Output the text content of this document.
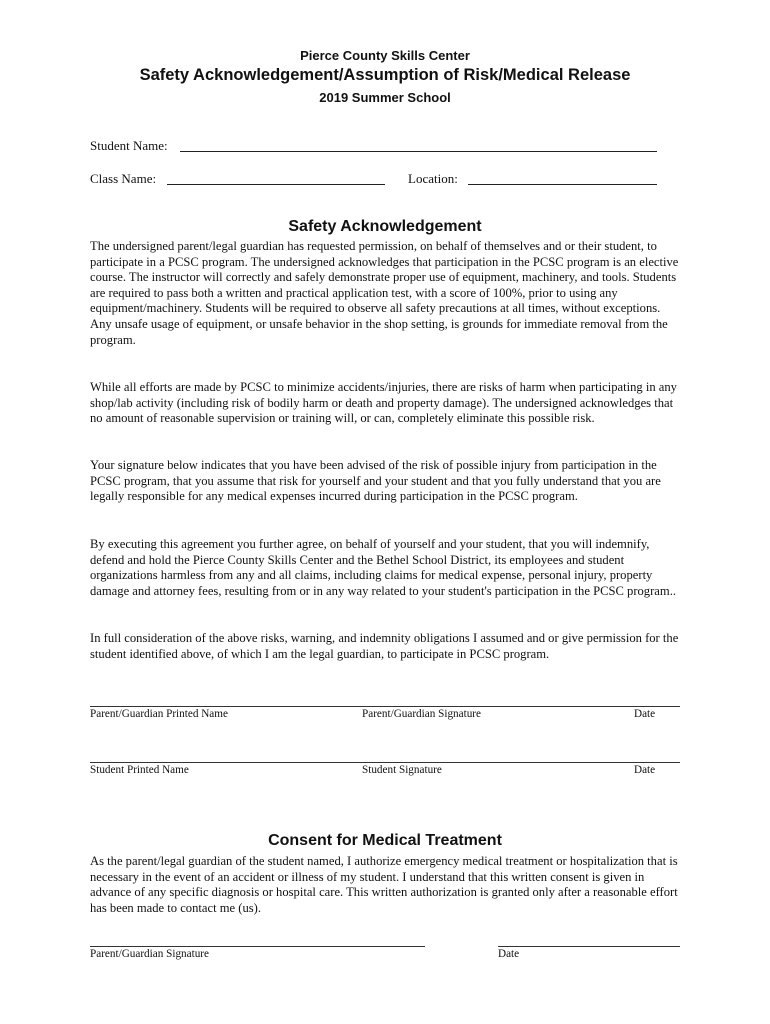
Pierce County Skills Center
Safety Acknowledgement/Assumption of Risk/Medical Release
2019 Summer School
Student Name:
Class Name:	Location:
Safety Acknowledgement

The undersigned parent/legal guardian has requested permission, on behalf of themselves and or their student, to participate in a PCSC program. The undersigned acknowledges that participation in the PCSC program is an elective course. The instructor will correctly and safely demonstrate proper use of equipment, machinery, and tools. Students are required to pass both a written and practical application test, with a score of 100%, prior to using any equipment/machinery. Students will be required to observe all safety precautions at all times, without exceptions. Any unsafe usage of equipment, or unsafe behavior in the shop setting, is grounds for immediate removal from the program.

While all efforts are made by PCSC to minimize accidents/injuries, there are risks of harm when participating in any shop/lab activity (including risk of bodily harm or death and property damage). The undersigned acknowledges that no amount of reasonable supervision or training will, or can, completely eliminate this possible risk.

Your signature below indicates that you have been advised of the risk of possible injury from participation in the PCSC program, that you assume that risk for yourself and your student and that you fully understand that you are legally responsible for any medical expenses incurred during participation in the PCSC program.

By executing this agreement you further agree, on behalf of yourself and your student, that you will indemnify, defend and hold the Pierce County Skills Center and the Bethel School District, its employees and student organizations harmless from any and all claims, including claims for medical expense, personal injury, property damage and attorney fees, resulting from or in any way related to your student's participation in the PCSC program..

In full consideration of the above risks, warning, and indemnity obligations I assumed and or give permission for the student identified above, of which I am the legal guardian, to participate in PCSC program.

Parent/Guardian Printed Name	Parent/Guardian Signature	Date
Student Printed Name	Student Signature	Date
Consent for Medical Treatment

As the parent/legal guardian of the student named, I authorize emergency medical treatment or hospitalization that is necessary in the event of an accident or illness of my student. I understand that this written consent is given in advance of any specific diagnosis or hospital care. This written authorization is granted only after a reasonable effort has been made to contact me (us).

Parent/Guardian Signature	Date
